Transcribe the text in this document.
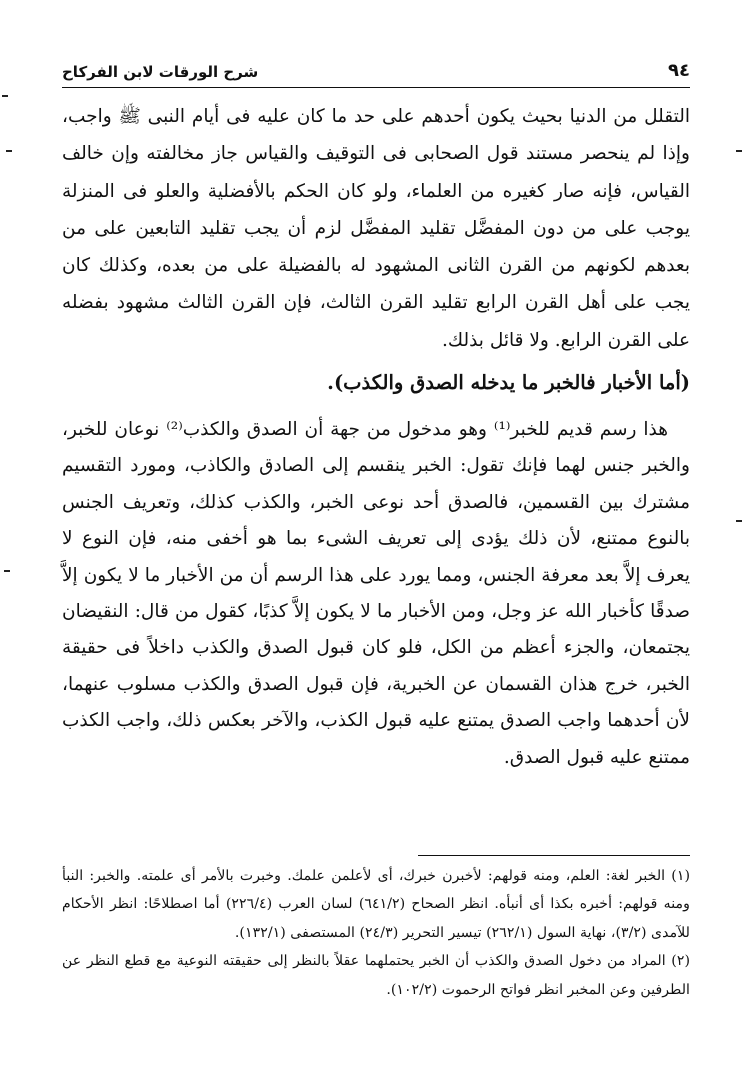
٩٤
شرح الورقات لابن الفركاح

التقلل من الدنيا بحيث يكون أحدهم على حد ما كان عليه فى أيام النبى ﷺ واجب، وإذا لم ينحصر مستند قول الصحابى فى التوقيف والقياس جاز مخالفته وإن خالف القياس، فإنه صار كغيره من العلماء، ولو كان الحكم بالأفضلية والعلو فى المنزلة يوجب على من دون المفضَّل تقليد المفضَّل لزم أن يجب تقليد التابعين على من بعدهم لكونهم من القرن الثانى المشهود له بالفضيلة على من بعده، وكذلك كان يجب على أهل القرن الرابع تقليد القرن الثالث، فإن القرن الثالث مشهود بفضله على القرن الرابع. ولا قائل بذلك.

(أما الأخبار فالخبر ما يدخله الصدق والكذب).

هذا رسم قديم للخبر⁽¹⁾ وهو مدخول من جهة أن الصدق والكذب⁽²⁾ نوعان للخبر، والخبر جنس لهما فإنك تقول: الخبر ينقسم إلى الصادق والكاذب، ومورد التقسيم مشترك بين القسمين، فالصدق أحد نوعى الخبر، والكذب كذلك، وتعريف الجنس بالنوع ممتنع، لأن ذلك يؤدى إلى تعريف الشىء بما هو أخفى منه، فإن النوع لا يعرف إلاَّ بعد معرفة الجنس، ومما يورد على هذا الرسم أن من الأخبار ما لا يكون إلاَّ صدقًا كأخبار الله عز وجل، ومن الأخبار ما لا يكون إلاَّ كذبًا، كقول من قال: النقيضان يجتمعان، والجزء أعظم من الكل، فلو كان قبول الصدق والكذب داخلاً فى حقيقة الخبر، خرج هذان القسمان عن الخبرية، فإن قبول الصدق والكذب مسلوب عنهما، لأن أحدهما واجب الصدق يمتنع عليه قبول الكذب، والآخر بعكس ذلك، واجب الكذب ممتنع عليه قبول الصدق.

(١) الخبر لغة: العلم، ومنه قولهم: لأخبرن خبرك، أى لأعلمن علمك. وخبرت بالأمر أى علمته. والخبر: النبأ ومنه قولهم: أخبره بكذا أى أنبأه. انظر الصحاح (٦٤١/٢) لسان العرب (٢٢٦/٤) أما اصطلاحًا: انظر الأحكام للآمدى (٣/٢)، نهاية السول (٢٦٢/١) تيسير التحرير (٢٤/٣) المستصفى (١٣٢/١).

(٢) المراد من دخول الصدق والكذب أن الخبر يحتملهما عقلاً بالنظر إلى حقيقته النوعية مع قطع النظر عن الطرفين وعن المخبر انظر فواتح الرحموت (١٠٢/٢).
